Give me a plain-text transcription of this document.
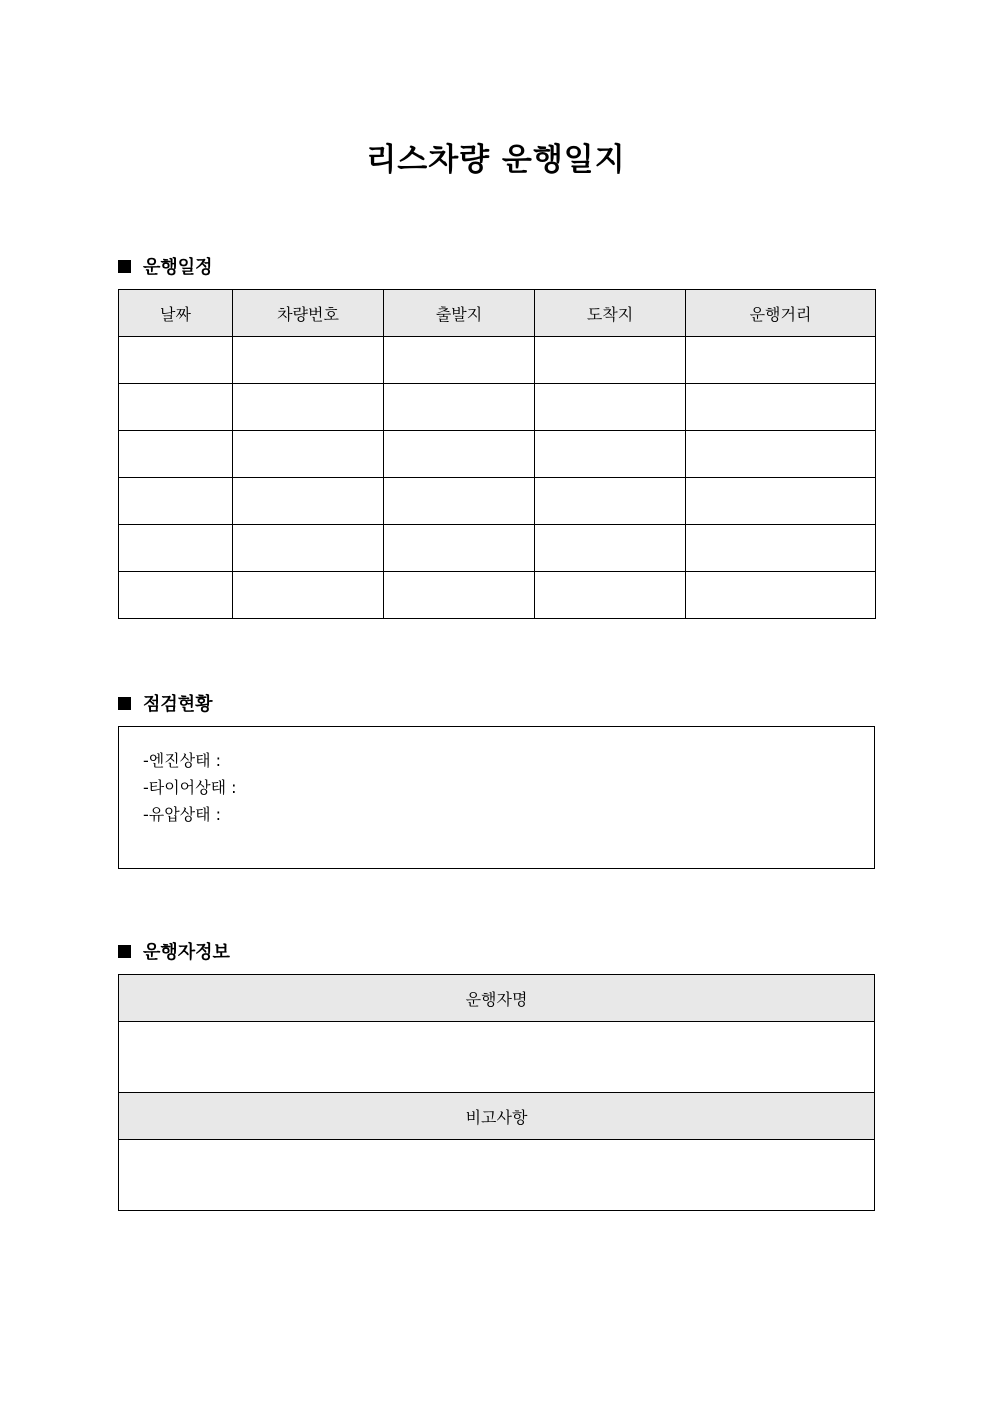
리스차량 운행일지
운행일정
날짜	차량번호	출발지	도착지	운행거리

점검현황
-엔진상태 :
-타이어상태 :
-유압상태 :
운행자정보
운행자명

비고사항
